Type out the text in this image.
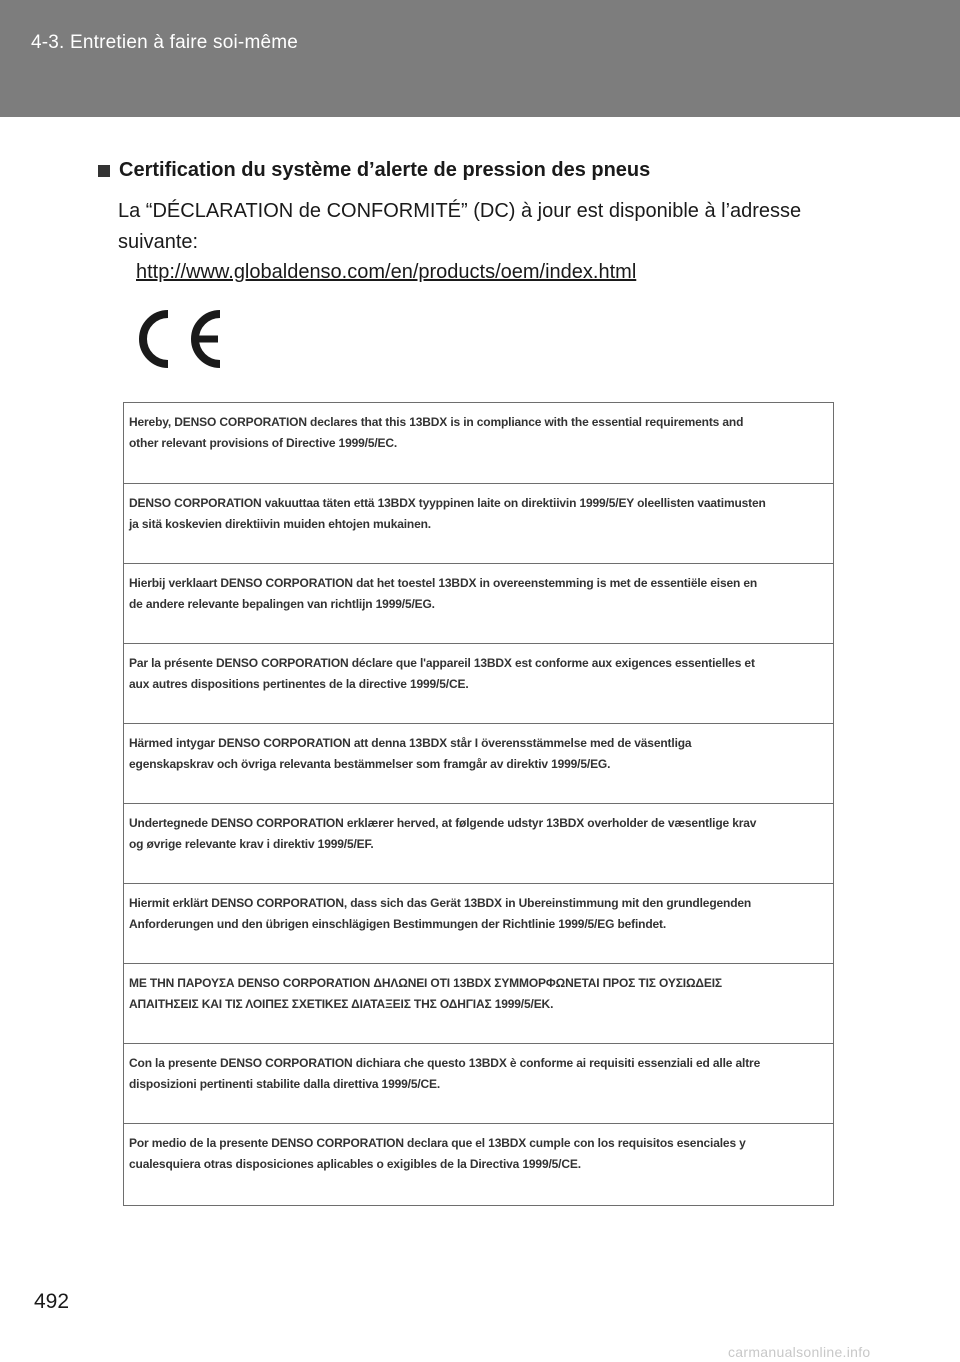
4-3. Entretien à faire soi-même
Certification du système d’alerte de pression des pneus
La “DÉCLARATION de CONFORMITÉ” (DC) à jour est disponible à l’adresse
suivante:
http://www.globaldenso.com/en/products/oem/index.html
Hereby, DENSO CORPORATION declares that this 13BDX is in compliance with the essential requirements and
other relevant provisions of Directive 1999/5/EC.
DENSO CORPORATION vakuuttaa täten että 13BDX tyyppinen laite on direktiivin 1999/5/EY oleellisten vaatimusten
ja sitä koskevien direktiivin muiden ehtojen mukainen.
Hierbij verklaart DENSO CORPORATION dat het toestel 13BDX in overeenstemming is met de essentiële eisen en
de andere relevante bepalingen van richtlijn 1999/5/EG.
Par la présente DENSO CORPORATION déclare que l'appareil 13BDX est conforme aux exigences essentielles et
aux autres dispositions pertinentes de la directive 1999/5/CE.
Härmed intygar DENSO CORPORATION att denna 13BDX står I överensstämmelse med de väsentliga
egenskapskrav och övriga relevanta bestämmelser som framgår av direktiv 1999/5/EG.
Undertegnede DENSO CORPORATION erklærer herved, at følgende udstyr 13BDX overholder de væsentlige krav
og øvrige relevante krav i direktiv 1999/5/EF.
Hiermit erklärt DENSO CORPORATION, dass sich das Gerät 13BDX in Ubereinstimmung mit den grundlegenden
Anforderungen und den übrigen einschlägigen Bestimmungen der Richtlinie 1999/5/EG befindet.
ΜΕ ΤΗΝ ΠΑΡΟΥΣΑ DENSO CORPORATION ΔΗΛΩΝΕΙ ΟΤΙ 13BDX ΣΥΜΜΟΡΦΩΝΕΤΑΙ ΠΡΟΣ ΤΙΣ ΟΥΣΙΩΔΕΙΣ
ΑΠΑΙΤΗΣΕΙΣ ΚΑΙ ΤΙΣ ΛΟΙΠΕΣ ΣΧΕΤΙΚΕΣ ΔΙΑΤΑΞΕΙΣ ΤΗΣ ΟΔΗΓΙΑΣ 1999/5/ΕΚ.
Con la presente DENSO CORPORATION dichiara che questo 13BDX è conforme ai requisiti essenziali ed alle altre
disposizioni pertinenti stabilite dalla direttiva 1999/5/CE.
Por medio de la presente DENSO CORPORATION declara que el 13BDX cumple con los requisitos esenciales y
cualesquiera otras disposiciones aplicables o exigibles de la Directiva 1999/5/CE.
492
carmanualsonline.info
